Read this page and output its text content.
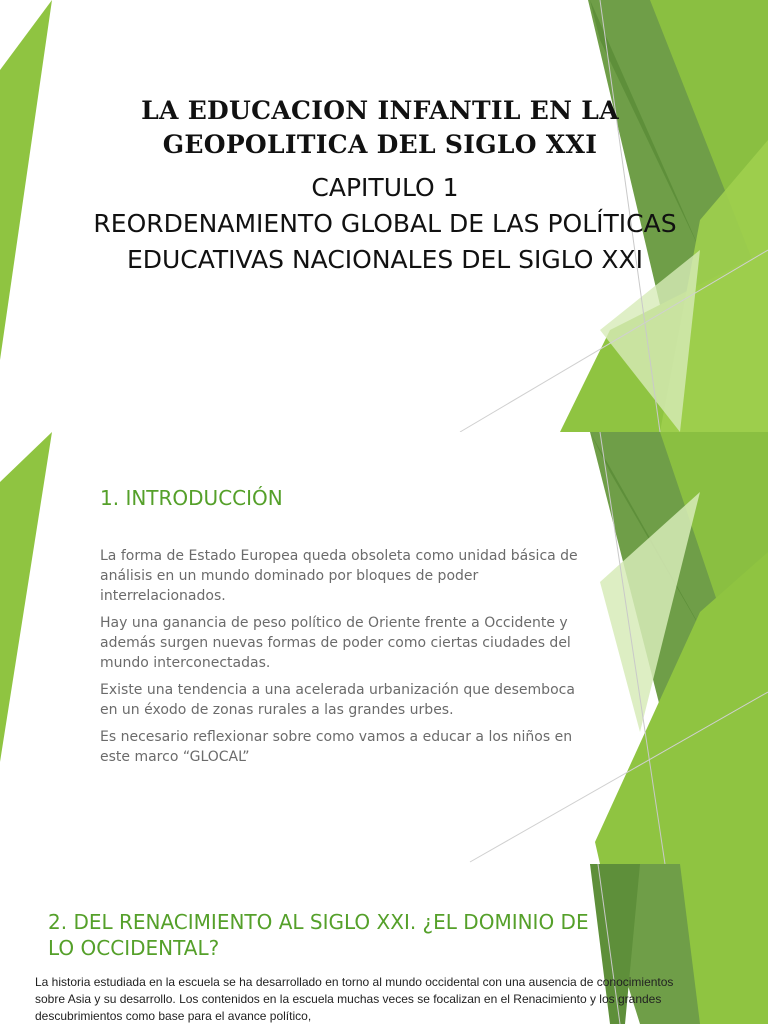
LA EDUCACION INFANTIL EN LA GEOPOLITICA DEL SIGLO XXI
CAPITULO 1
REORDENAMIENTO GLOBAL DE LAS POLÍTICAS EDUCATIVAS NACIONALES DEL SIGLO XXI
1. INTRODUCCIÓN

La forma de Estado Europea queda obsoleta como unidad básica de análisis en un mundo dominado por bloques de poder interrelacionados.

Hay una ganancia de peso político de Oriente frente a Occidente y además surgen nuevas formas de poder como ciertas ciudades del mundo interconectadas.

Existe una tendencia a una acelerada urbanización que desemboca en un éxodo de zonas rurales a las grandes urbes.

Es necesario reflexionar sobre como vamos a educar a los niños en este marco “GLOCAL”

2. DEL RENACIMIENTO AL SIGLO XXI. ¿EL DOMINIO DE LO OCCIDENTAL?

La historia estudiada en la escuela se ha desarrollado en torno al mundo occidental con una ausencia de conocimientos sobre Asia y su desarrollo. Los contenidos en la escuela muchas veces se focalizan en el Renacimiento y los grandes descubrimientos como base para el avance político,
